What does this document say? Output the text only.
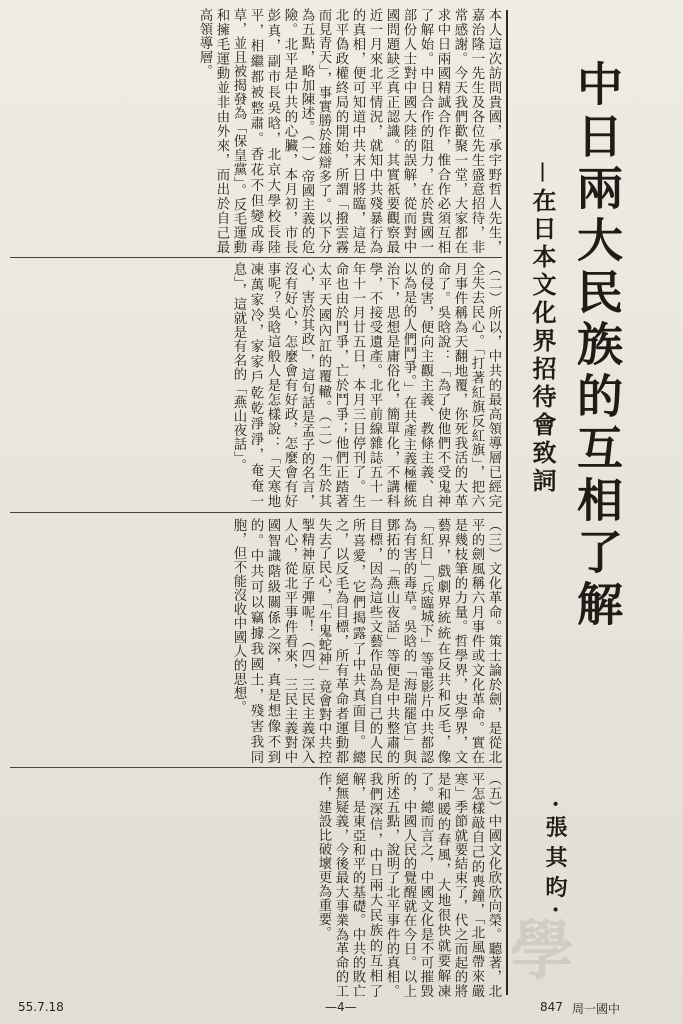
中日兩大民族的互相了解
－在日本文化界招待會致詞
·張其昀·

本人這次訪問貴國，承宇野哲人先生，嘉治隆一先生及各位先生盛意招待，非常感謝。今天我們歡聚一堂，大家都在求中日兩國精誠合作，惟合作必須互相了解始。中日合作的阻力，在於貴國一部份人士對中國大陸的誤解，從而對中國問題缺乏真正認識。其實祇要觀察最近一月來北平情況，就知中共殘暴行為的真相，便可知道中共末日將臨，這是北平偽政權終局的開始，所謂「撥雲霧而見青天」，事實勝於雄辯多了。以下分為五點，略加陳述。（一）帝國主義的危險。北平是中共的心臟，本月初，市長彭真，副市長吳晗，北京大學校長陸平，相繼都被整肅。香花不但變成毒草，並且被揭發為「保皇黨」。反毛運動和擁毛運動並非由外來，而出於自己最高領導層。

（二）所以，中共的最高領導層已經完全失去民心。「打著紅旗反紅旗」，把六月事件稱為天翻地覆，你死我活的大革命了。吳晗說：「為了使他們不受鬼神的侵害，便向主觀主義、教條主義、自以為是的人們鬥爭。」在共產主義極權統治下，思想是庸俗化，簡單化，不講科學，不接受遺產。北平前線雜誌五十一年十一月廿五日，本月三日停刊了。生命也由於鬥爭，亡於鬥爭；他們正踏著太平天國內訌的覆轍。（二）「生於其心，害於其政」，這句話是孟子的名言，沒有好心，怎麼會有好政，怎麼會有好事呢？吳晗這般人是怎樣說：「天寒地凍萬家冷，家家戶乾乾淨淨，奄奄一息」，這就是有名的「燕山夜話」。

（三）文化革命。策士論於劍，是從北平的劍風稱六月事件或文化革命。實在是幾枝筆的力量。哲學界，史學界，文藝界，戲劇界統統在反共和反毛，像「紅日」「兵臨城下」等電影片中共都認為有害的毒草。吳晗的「海瑞罷官」與鄧拓的「燕山夜話」等便是中共整肅的目標，因為這些文藝作品為自己的人民所喜愛，它們揭露了中共真面目。總之，以反毛為目標，所有革命者運動都失去了民心，「牛鬼蛇神」竟會對中共控掣精神原子彈呢！（四）三民主義深入人心，從北平事件看來，三民主義對中國智識階級關係之深，真是想像不到的。中共可以竊據我國土，殘害我同胞，但不能沒收中國人的思想。

（五）中國文化欣欣向榮。聽著，北平怎樣敲自己的喪鐘，「北風帶來嚴寒」季節就要結束了，代之而起的將是和暖的春風，大地很快就要解凍了。總而言之，中國文化是不可摧毀的，中國人民的覺醒就在今日。以上所述五點，說明了北平事件的真相。我們深信，中日兩大民族的互相了解，是東亞和平的基礎。中共的敗亡絕無疑義，今後最大事業為革命的工作，建設比破壞更為重要。

學
55.7.18	—4—	847 周一國中
